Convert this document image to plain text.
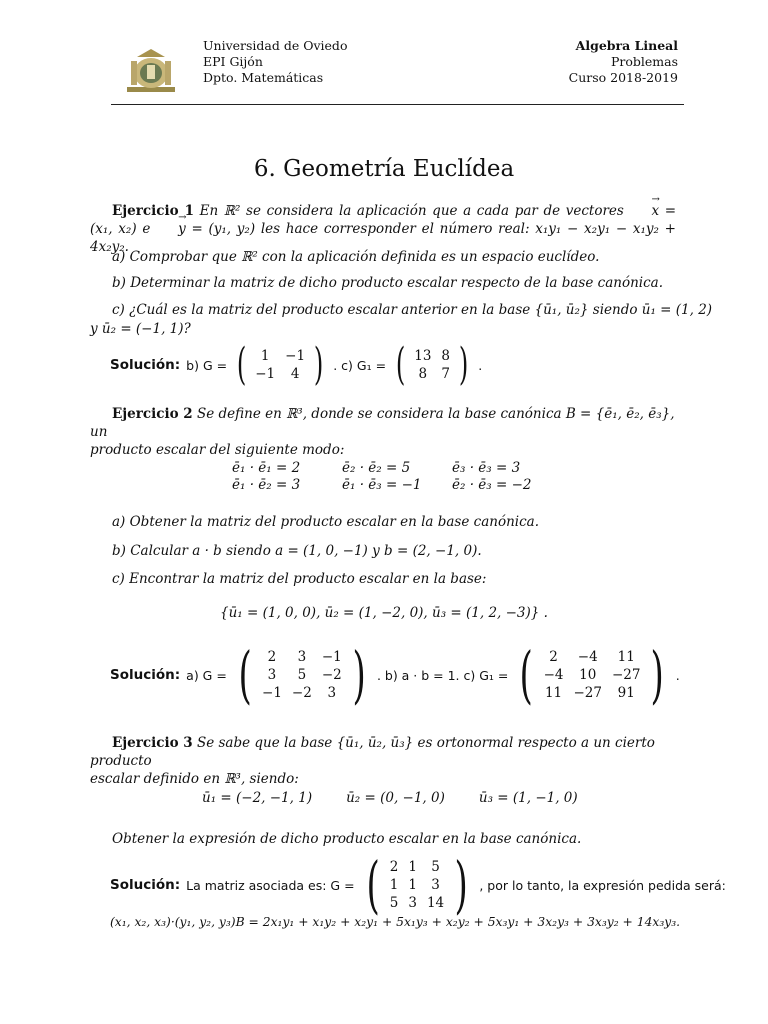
Universidad de Oviedo
EPI Gijón
Dpto. Matemáticas
Algebra Lineal
Problemas
Curso 2018-2019
6. Geometría Euclídea
Ejercicio 1 En ℝ² se considera la aplicación que a cada par de vectores → x = (x₁, x₂) e → y = (y₁, y₂) les hace corresponder el número real: x₁y₁ − x₂y₁ − x₁y₂ + 4x₂y₂.
a) Comprobar que ℝ² con la aplicación definida es un espacio euclídeo.
b) Determinar la matriz de dicho producto escalar respecto de la base canónica.
c) ¿Cuál es la matriz del producto escalar anterior en la base {ū₁, ū₂} siendo ū₁ = (1, 2)
y ū₂ = (−1, 1)?
Solución: b) G = ( 1	−1
−1	4 ) . c) G₁ = ( 13	8
8	7 ) .
Ejercicio 2 Se define en ℝ³, donde se considera la base canónica B = {ē₁, ē₂, ē₃}, un
producto escalar del siguiente modo:
ē₁ · ē₁ = 2	ē₂ · ē₂ = 5	ē₃ · ē₃ = 3
ē₁ · ē₂ = 3	ē₁ · ē₃ = −1	ē₂ · ē₃ = −2
a) Obtener la matriz del producto escalar en la base canónica.
b) Calcular a · b siendo a = (1, 0, −1) y b = (2, −1, 0).
c) Encontrar la matriz del producto escalar en la base:
{ū₁ = (1, 0, 0), ū₂ = (1, −2, 0), ū₃ = (1, 2, −3)} .
Solución: a) G = ( 2	3	−1
3	5	−2
−1	−2	3 ) . b) a · b = 1. c) G₁ = ( 2	−4	11
−4	10	−27
11	−27	91 ) .
Ejercicio 3 Se sabe que la base {ū₁, ū₂, ū₃} es ortonormal respecto a un cierto producto
escalar definido en ℝ³, siendo:
ū₁ = (−2, −1, 1)	ū₂ = (0, −1, 0)	ū₃ = (1, −1, 0)
Obtener la expresión de dicho producto escalar en la base canónica.
Solución: La matriz asociada es: G = ( 2	1	5
1	1	3
5	3	14 ) , por lo tanto, la expresión pedida será:
(x₁, x₂, x₃)·(y₁, y₂, y₃)B = 2x₁y₁ + x₁y₂ + x₂y₁ + 5x₁y₃ + x₂y₂ + 5x₃y₁ + 3x₂y₃ + 3x₃y₂ + 14x₃y₃.
